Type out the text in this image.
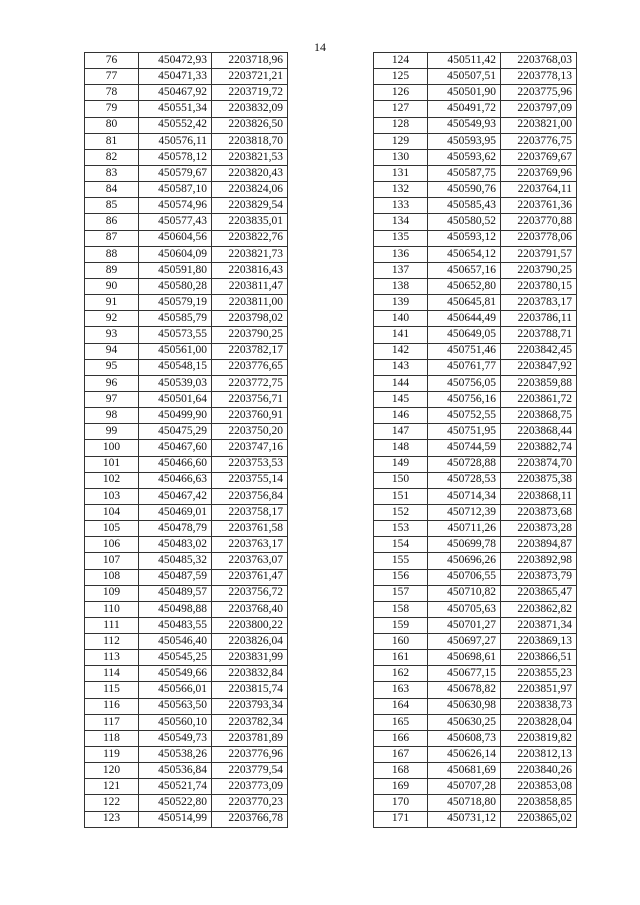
14
76	450472,93	2203718,96
77	450471,33	2203721,21
78	450467,92	2203719,72
79	450551,34	2203832,09
80	450552,42	2203826,50
81	450576,11	2203818,70
82	450578,12	2203821,53
83	450579,67	2203820,43
84	450587,10	2203824,06
85	450574,96	2203829,54
86	450577,43	2203835,01
87	450604,56	2203822,76
88	450604,09	2203821,73
89	450591,80	2203816,43
90	450580,28	2203811,47
91	450579,19	2203811,00
92	450585,79	2203798,02
93	450573,55	2203790,25
94	450561,00	2203782,17
95	450548,15	2203776,65
96	450539,03	2203772,75
97	450501,64	2203756,71
98	450499,90	2203760,91
99	450475,29	2203750,20
100	450467,60	2203747,16
101	450466,60	2203753,53
102	450466,63	2203755,14
103	450467,42	2203756,84
104	450469,01	2203758,17
105	450478,79	2203761,58
106	450483,02	2203763,17
107	450485,32	2203763,07
108	450487,59	2203761,47
109	450489,57	2203756,72
110	450498,88	2203768,40
111	450483,55	2203800,22
112	450546,40	2203826,04
113	450545,25	2203831,99
114	450549,66	2203832,84
115	450566,01	2203815,74
116	450563,50	2203793,34
117	450560,10	2203782,34
118	450549,73	2203781,89
119	450538,26	2203776,96
120	450536,84	2203779,54
121	450521,74	2203773,09
122	450522,80	2203770,23
123	450514,99	2203766,78
124	450511,42	2203768,03
125	450507,51	2203778,13
126	450501,90	2203775,96
127	450491,72	2203797,09
128	450549,93	2203821,00
129	450593,95	2203776,75
130	450593,62	2203769,67
131	450587,75	2203769,96
132	450590,76	2203764,11
133	450585,43	2203761,36
134	450580,52	2203770,88
135	450593,12	2203778,06
136	450654,12	2203791,57
137	450657,16	2203790,25
138	450652,80	2203780,15
139	450645,81	2203783,17
140	450644,49	2203786,11
141	450649,05	2203788,71
142	450751,46	2203842,45
143	450761,77	2203847,92
144	450756,05	2203859,88
145	450756,16	2203861,72
146	450752,55	2203868,75
147	450751,95	2203868,44
148	450744,59	2203882,74
149	450728,88	2203874,70
150	450728,53	2203875,38
151	450714,34	2203868,11
152	450712,39	2203873,68
153	450711,26	2203873,28
154	450699,78	2203894,87
155	450696,26	2203892,98
156	450706,55	2203873,79
157	450710,82	2203865,47
158	450705,63	2203862,82
159	450701,27	2203871,34
160	450697,27	2203869,13
161	450698,61	2203866,51
162	450677,15	2203855,23
163	450678,82	2203851,97
164	450630,98	2203838,73
165	450630,25	2203828,04
166	450608,73	2203819,82
167	450626,14	2203812,13
168	450681,69	2203840,26
169	450707,28	2203853,08
170	450718,80	2203858,85
171	450731,12	2203865,02
